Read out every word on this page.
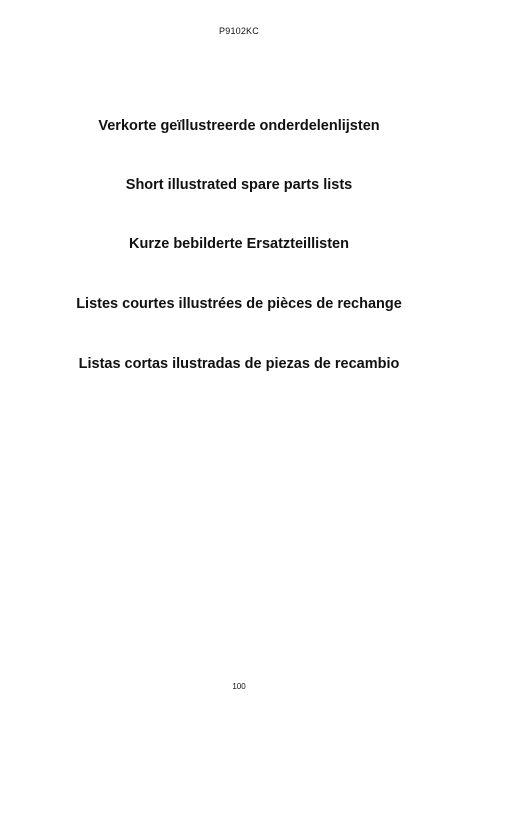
P9102KC
Verkorte geïllustreerde onderdelenlijsten
Short illustrated spare parts lists
Kurze bebilderte Ersatzteillisten
Listes courtes illustrées de pièces de rechange
Listas cortas ilustradas de piezas de recambio
100
